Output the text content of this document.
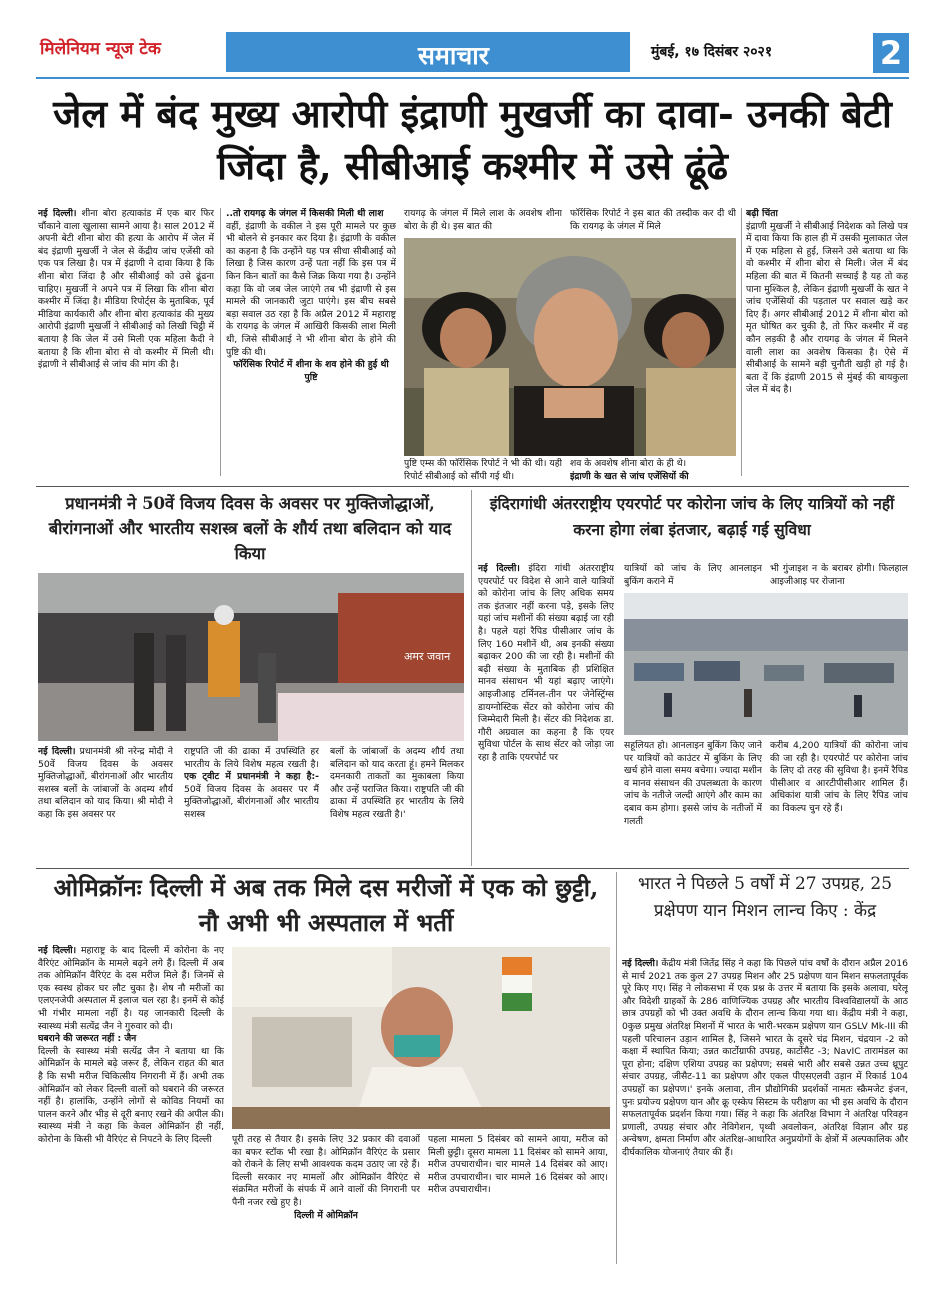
मिलेनियम न्यूज टेक	समाचार	मुंबई, १७ दिसंबर २०२१	2
जेल में बंद मुख्य आरोपी इंद्राणी मुखर्जी का दावा- उनकी बेटी जिंदा है, सीबीआई कश्मीर में उसे ढूंढे
नई दिल्ली। शीना बोरा हत्याकांड में एक बार फिर चौंकाने वाला खुलासा सामने आया है। साल 2012 में अपनी बेटी शीना बोरा की हत्या के आरोप में जेल में बंद इंद्राणी मुखर्जी ने जेल से केंद्रीय जांच एजेंसी को एक पत्र लिखा है। पत्र में इंद्राणी ने दावा किया है कि शीना बोरा जिंदा है और सीबीआई को उसे ढूंढना चाहिए। मुखर्जी ने अपने पत्र में लिखा कि शीना बोरा कश्मीर में जिंदा है। मीडिया रिपोर्ट्स के मुताबिक, पूर्व मीडिया कार्यकारी और शीना बोरा हत्याकांड की मुख्य आरोपी इंद्राणी मुखर्जी ने सीबीआई को लिखी चिट्ठी में बताया है कि जेल में उसे मिली एक महिला कैदी ने बताया है कि शीना बोरा से वो कश्मीर में मिली थी। इंद्राणी ने सीबीआई से जांच की मांग की है।
..तो रायगढ़ के जंगल में किसकी मिली थी लाश
वहीं, इंद्राणी के वकील ने इस पूरी मामले पर कुछ भी बोलने से इनकार कर दिया है। इंद्राणी के वकील का कहना है कि उन्होंने यह पत्र सीधा सीबीआई को लिखा है जिस कारण उन्हें पता नहीं कि इस पत्र में किन किन बातों का कैसे जिक्र किया गया है। उन्होंने कहा कि वो जब जेल जाएंगे तब भी इंद्राणी से इस मामले की जानकारी जुटा पाएंगे। इस बीच सबसे बड़ा सवाल उठ रहा है कि अप्रैल 2012 में महाराष्ट्र के रायगढ़ के जंगल में आखिरी किसकी लाश मिली थी, जिसे सीबीआई ने भी शीना बोरा के होने की पुष्टि की थी।
फॉरेंसिक रिपोर्ट में शीना के शव होने की हुई थी पुष्टि
रायगढ़ के जंगल में मिले लाश के अवशेष शीना बोरा के ही थे। इस बात की
फॉरेंसिक रिपोर्ट ने इस बात की तस्दीक कर दी थी कि रायगढ़ के जंगल में मिले
पुष्टि एम्स की फॉरेंसिक रिपोर्ट ने भी की थी। यही रिपोर्ट सीबीआई को सौंपी गई थी।
शव के अवशेष शीना बोरा के ही थे।
इंद्राणी के खत से जांच एजेंसियों की
बढ़ी चिंता
इंद्राणी मुखर्जी ने सीबीआई निदेशक को लिखे पत्र में दावा किया कि हाल ही में उसकी मुलाकात जेल में एक महिला से हुई, जिसने उसे बताया था कि वो कश्मीर में शीना बोरा से मिली। जेल में बंद महिला की बात में कितनी सच्चाई है यह तो कह पाना मुश्किल है, लेकिन इंद्राणी मुखर्जी के खत ने जांच एजेंसियों की पड़ताल पर सवाल खड़े कर दिए हैं। अगर सीबीआई 2012 में शीना बोरा को मृत घोषित कर चुकी है, तो फिर कश्मीर में वह कौन लड़की है और रायगढ़ के जंगल में मिलने वाली लाश का अवशेष किसका है। ऐसे में सीबीआई के सामने बड़ी चुनौती खड़ी हो गई है। बता दें कि इंद्राणी 2015 से मुंबई की बायकुला जेल में बंद है।
प्रधानमंत्री ने 50वें विजय दिवस के अवसर पर मुक्तिजोद्धाओं, बीरांगनाओं और भारतीय सशस्त्र बलों के शौर्य तथा बलिदान को याद किया
अमर जवान
नई दिल्ली। प्रधानमंत्री श्री नरेन्द्र मोदी ने 50वें विजय दिवस के अवसर मुक्तिजोद्धाओं, बीरांगनाओं और भारतीय सशस्त्र बलों के जांबाजों के अदम्य शौर्य तथा बलिदान को याद किया। श्री मोदी ने कहा कि इस अवसर पर
राष्ट्रपति जी की ढाका में उपस्थिति हर भारतीय के लिये विशेष महत्व रखती है। एक ट्वीट में प्रधानमंत्री ने कहा है:- 50वें विजय दिवस के अवसर पर मैं मुक्तिजोद्धाओं, बीरांगनाओं और भारतीय सशस्त्र
बलों के जांबाजों के अदम्य शौर्य तथा बलिदान को याद करता हूं। हमने मिलकर दमनकारी ताकतों का मुकाबला किया और उन्हें पराजित किया। राष्ट्रपति जी की ढाका में उपस्थिति हर भारतीय के लिये विशेष महत्व रखती है।'
इंदिरागांधी अंतरराष्ट्रीय एयरपोर्ट पर कोरोना जांच के लिए यात्रियों को नहीं करना होगा लंबा इंतजार, बढ़ाई गई सुविधा
नई दिल्ली। इंदिरा गांधी अंतरराष्ट्रीय एयरपोर्ट पर विदेश से आने वाले यात्रियों को कोरोना जांच के लिए अधिक समय तक इंतजार नहीं करना पड़े, इसके लिए यहां जांच मशीनों की संख्या बढ़ाई जा रही है। पहले यहां रैपिड पीसीआर जांच के लिए 160 मशीनें थी, अब इनकी संख्या बढ़ाकर 200 की जा रही है। मशीनों की बढ़ी संख्या के मुताबिक ही प्रशिक्षित मानव संसाधन भी यहां बढ़ाए जाएंगे। आइजीआइ टर्मिनल-तीन पर जेनेस्ट्रिंग्स डायग्नोस्टिक सेंटर को कोरोना जांच की जिम्मेदारी मिली है। सेंटर की निदेशक डा. गौरी अग्रवाल का कहना है कि एयर सुविधा पोर्टल के साथ सेंटर को जोड़ा जा रहा है ताकि एयरपोर्ट पर
यात्रियों को जांच के लिए आनलाइन बुकिंग कराने में
भी गुंजाइश न के बराबर होगी। फिलहाल आइजीआइ पर रोजाना
सहूलियत हो। आनलाइन बुकिंग किए जाने पर यात्रियों को काउंटर में बुकिंग के लिए खर्च होने वाला समय बचेगा। ज्यादा मशीन व मानव संसाधन की उपलब्धता के कारण जांच के नतीजे जल्दी आएंगे और काम का दबाव कम होगा। इससे जांच के नतीजों में गलती
करीब 4,200 यात्रियों की कोरोना जांच की जा रही है। एयरपोर्ट पर कोरोना जांच के लिए दो तरह की सुविधा है। इनमें रैपिड पीसीआर व आरटीपीसीआर शामिल हैं। अधिकांश यात्री जांच के लिए रैपिड जांच का विकल्प चुन रहे हैं।
ओमिक्रॉनः दिल्ली में अब तक मिले दस मरीजों में एक को छुट्टी, नौ अभी भी अस्पताल में भर्ती
नई दिल्ली। महाराष्ट्र के बाद दिल्ली में कोरोना के नए वैरिएंट ओमिक्रॉन के मामले बढ़ने लगे हैं। दिल्ली में अब तक ओमिक्रॉन वैरिएंट के दस मरीज मिले हैं। जिनमें से एक स्वस्थ होकर घर लौट चुका है। शेष नौ मरीजों का एलएनजेपी अस्पताल में इलाज चल रहा है। इनमें से कोई भी गंभीर मामला नहीं है। यह जानकारी दिल्ली के स्वास्थ्य मंत्री सत्येंद्र जैन ने गुरुवार को दी।
घबराने की जरूरत नहीं : जैन
दिल्ली के स्वास्थ्य मंत्री सत्येंद्र जैन ने बताया था कि ओमिक्रॉन के मामले बढ़े जरूर हैं, लेकिन राहत की बात है कि सभी मरीज चिकित्सीय निगरानी में हैं। अभी तक ओमिक्रॉन को लेकर दिल्ली वालों को घबराने की जरूरत नहीं है। हालांकि, उन्होंने लोगों से कोविड नियमों का पालन करने और भीड़ से दूरी बनाए रखने की अपील की।स्वास्थ्य मंत्री ने कहा कि केवल ओमिक्रॉन ही नहीं, कोरोना के किसी भी वैरिएंट से निपटने के लिए दिल्ली	पूरी तरह से तैयार है। इसके लिए 32 प्रकार की दवाओं का बफर स्टॉक भी रखा है। ओमिक्रॉन वैरिएंट के प्रसार को रोकने के लिए सभी आवश्यक कदम उठाए जा रहे हैं। दिल्ली सरकार नए मामलों और ओमिक्रॉन वैरिएंट से संक्रमित मरीजों के संपर्क में आने वालों की निगरानी पर पैनी नजर रखे हुए है।
दिल्ली में ओमिक्रॉन
पहला मामला 5 दिसंबर को सामने आया, मरीज को मिली छुट्टी। दूसरा मामला 11 दिसंबर को सामने आया, मरीज उपचाराधीन। चार मामले 14 दिसंबर को आए। मरीज उपचाराधीन। चार मामले 16 दिसंबर को आए। मरीज उपचाराधीन।
भारत ने पिछले 5 वर्षों में 27 उपग्रह, 25 प्रक्षेपण यान मिशन लान्च किए : केंद्र
नई दिल्ली। केंद्रीय मंत्री जितेंद्र सिंह ने कहा कि पिछले पांच वर्षों के दौरान अप्रैल 2016 से मार्च 2021 तक कुल 27 उपग्रह मिशन और 25 प्रक्षेपण यान मिशन सफलतापूर्वक पूरे किए गए। सिंह ने लोकसभा में एक प्रश्न के उत्तर में बताया कि इसके अलावा, घरेलू और विदेशी ग्राहकों के 286 वाणिज्यिक उपग्रह और भारतीय विश्वविद्यालयों के आठ छात्र उपग्रहों को भी उक्त अवधि के दौरान लान्च किया गया था। केंद्रीय मंत्री ने कहा, 0कुछ प्रमुख अंतरिक्ष मिशनों में भारत के भारी-भरकम प्रक्षेपण यान GSLV Mk-III की पहली परिचालन उड़ान शामिल है, जिसने भारत के दूसरे चंद्र मिशन, चंद्रयान -2 को कक्षा में स्थापित किया; उन्नत कार्टोग्राफी उपग्रह, कार्टोसैट -3; NavIC तारामंडल का पूरा होना; दक्षिण एशिया उपग्रह का प्रक्षेपण; सबसे भारी और सबसे उन्नत उच्च थ्रूपुट संचार उपग्रह, जीसैट-11 का प्रक्षेपण और एकल पीएसएलवी उड़ान में रिकार्ड 104 उपग्रहों का प्रक्षेपण।' इनके अलावा, तीन प्रौद्योगिकी प्रदर्शकों नामतः स्क्रैमजेट इंजन, पुनः प्रयोज्य प्रक्षेपण यान और क्रू एस्केप सिस्टम के परीक्षण का भी इस अवधि के दौरान सफलतापूर्वक प्रदर्शन किया गया। सिंह ने कहा कि अंतरिक्ष विभाग ने अंतरिक्ष परिवहन प्रणाली, उपग्रह संचार और नेविगेशन, पृथ्वी अवलोकन, अंतरिक्ष विज्ञान और ग्रह अन्वेषण, क्षमता निर्माण और अंतरिक्ष-आधारित अनुप्रयोगों के क्षेत्रों में अल्पकालिक और दीर्घकालिक योजनाएं तैयार की हैं।
